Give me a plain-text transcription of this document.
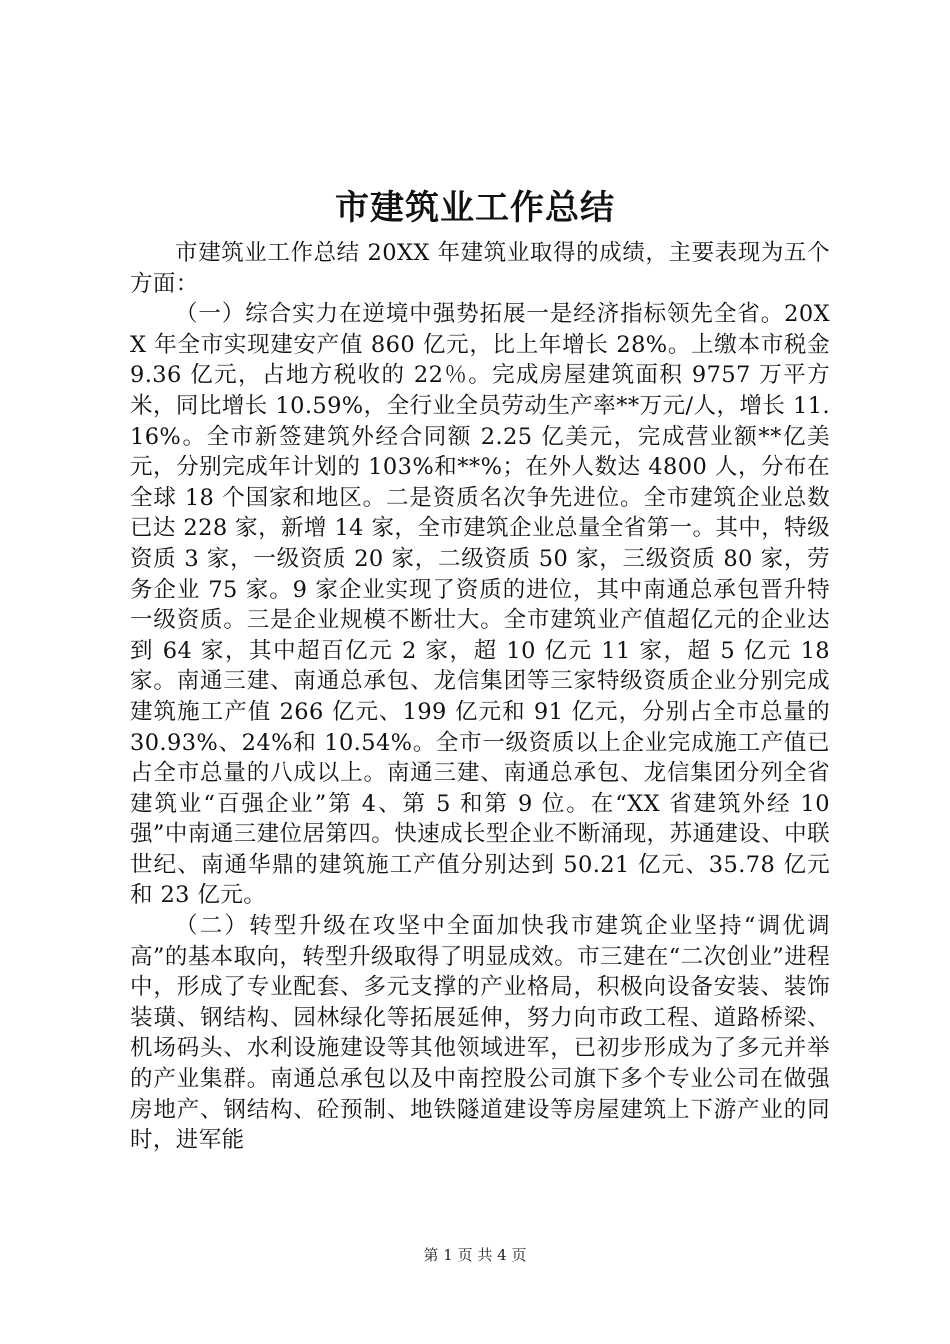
市建筑业工作总结

市建筑业工作总结 20XX 年建筑业取得的成绩，主要表现为五个方面：

（一）综合实力在逆境中强势拓展一是经济指标领先全省。20XX 年全市实现建安产值 860 亿元，比上年增长 28%。上缴本市税金 9.36 亿元，占地方税收的 22％。完成房屋建筑面积 9757 万平方米，同比增长 10.59%，全行业全员劳动生产率**万元/人，增长 11.16%。全市新签建筑外经合同额 2.25 亿美元，完成营业额**亿美元，分别完成年计划的 103%和**%；在外人数达 4800 人，分布在全球 18 个国家和地区。二是资质名次争先进位。全市建筑企业总数已达 228 家，新增 14 家，全市建筑企业总量全省第一。其中，特级资质 3 家，一级资质 20 家，二级资质 50 家，三级资质 80 家，劳务企业 75 家。9 家企业实现了资质的进位，其中南通总承包晋升特一级资质。三是企业规模不断壮大。全市建筑业产值超亿元的企业达到 64 家，其中超百亿元 2 家，超 10 亿元 11 家，超 5 亿元 18 家。南通三建、南通总承包、龙信集团等三家特级资质企业分别完成建筑施工产值 266 亿元、199 亿元和 91 亿元，分别占全市总量的 30.93%、24%和 10.54%。全市一级资质以上企业完成施工产值已占全市总量的八成以上。南通三建、南通总承包、龙信集团分列全省建筑业“百强企业”第 4、第 5 和第 9 位。在“XX 省建筑外经 10 强”中南通三建位居第四。快速成长型企业不断涌现，苏通建设、中联世纪、南通华鼎的建筑施工产值分别达到 50.21 亿元、35.78 亿元和 23 亿元。

（二）转型升级在攻坚中全面加快我市建筑企业坚持“调优调高”的基本取向，转型升级取得了明显成效。市三建在“二次创业”进程中，形成了专业配套、多元支撑的产业格局，积极向设备安装、装饰装璜、钢结构、园林绿化等拓展延伸，努力向市政工程、道路桥梁、机场码头、水利设施建设等其他领域进军，已初步形成为了多元并举的产业集群。南通总承包以及中南控股公司旗下多个专业公司在做强房地产、钢结构、砼预制、地铁隧道建设等房屋建筑上下游产业的同时，进军能

第 1 页 共 4 页
